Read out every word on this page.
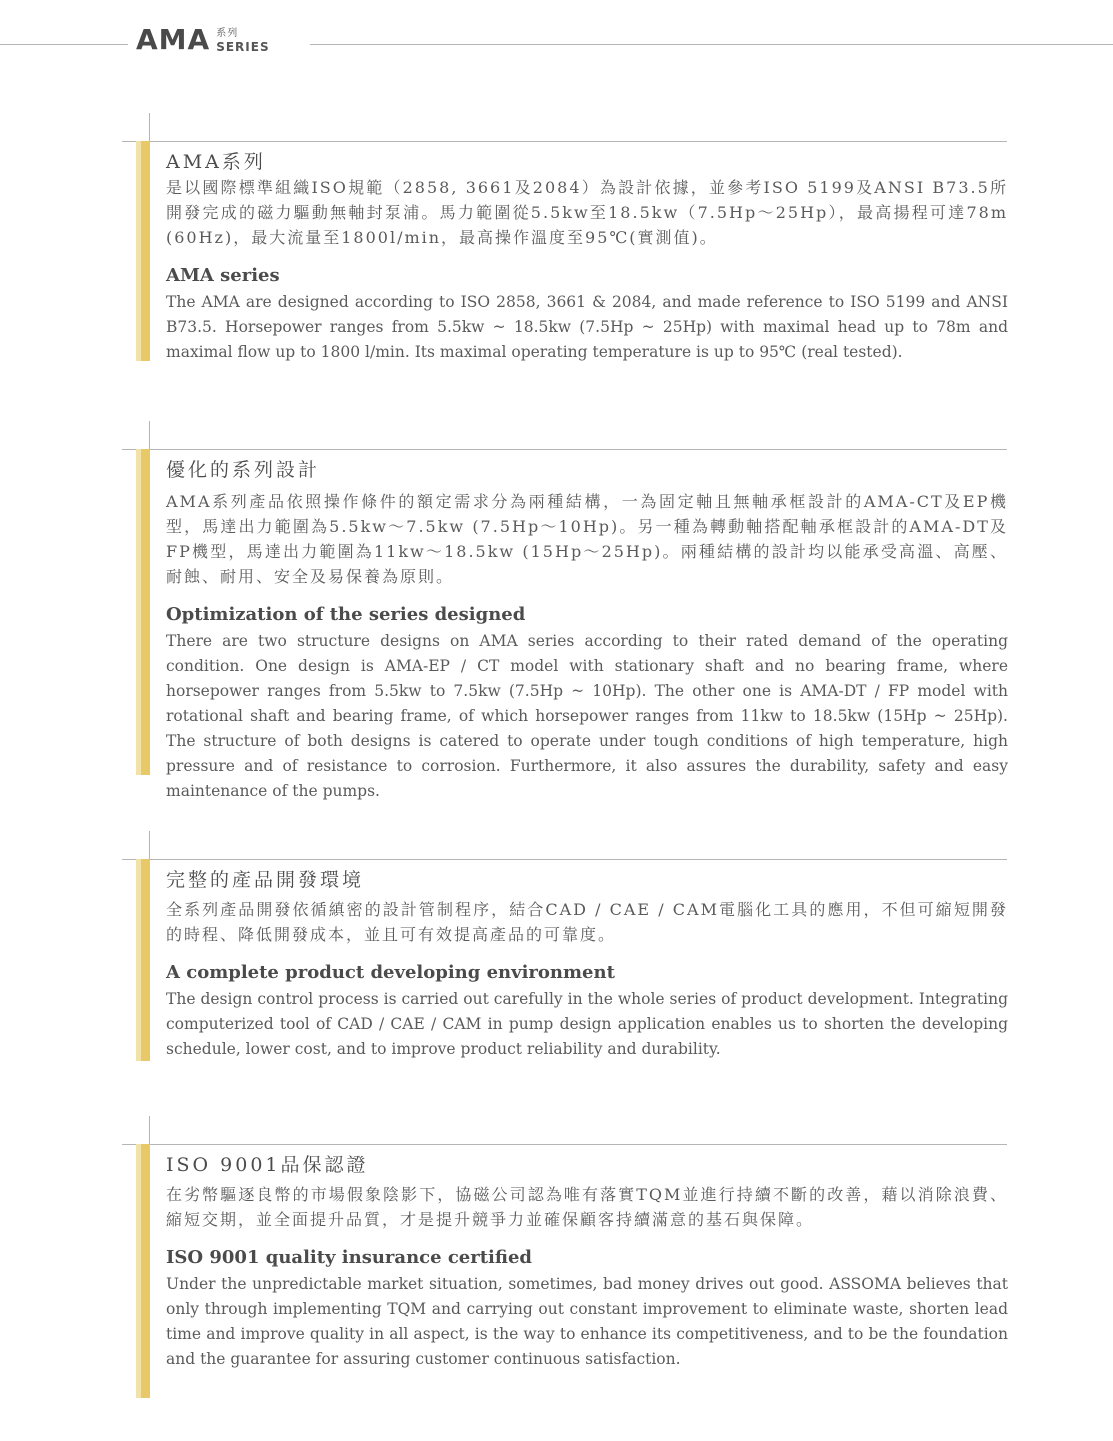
AMA 系列
SERIES
AMA系列

是以國際標準組織ISO規範（2858, 3661及2084）為設計依據，並參考ISO 5199及ANSI B73.5所開發完成的磁力驅動無軸封泵浦。馬力範圍從5.5kw至18.5kw（7.5Hp～25Hp），最高揚程可達78m (60Hz)，最大流量至1800l/min，最高操作溫度至95℃(實測值)。

AMA series

The AMA are designed according to ISO 2858, 3661 & 2084, and made reference to ISO 5199 and ANSI B73.5. Horsepower ranges from 5.5kw ~ 18.5kw (7.5Hp ~ 25Hp) with maximal head up to 78m and maximal flow up to 1800 l/min. Its maximal operating temperature is up to 95℃ (real tested).

優化的系列設計

AMA系列產品依照操作條件的額定需求分為兩種結構，一為固定軸且無軸承框設計的AMA-CT及EP機型，馬達出力範圍為5.5kw～7.5kw (7.5Hp～10Hp)。另一種為轉動軸搭配軸承框設計的AMA-DT及FP機型，馬達出力範圍為11kw～18.5kw (15Hp～25Hp)。兩種結構的設計均以能承受高溫、高壓、耐蝕、耐用、安全及易保養為原則。

Optimization of the series designed

There are two structure designs on AMA series according to their rated demand of the operating condition. One design is AMA-EP / CT model with stationary shaft and no bearing frame, where horsepower ranges from 5.5kw to 7.5kw (7.5Hp ~ 10Hp). The other one is AMA-DT / FP model with rotational shaft and bearing frame, of which horsepower ranges from 11kw to 18.5kw (15Hp ~ 25Hp). The structure of both designs is catered to operate under tough conditions of high temperature, high pressure and of resistance to corrosion. Furthermore, it also assures the durability, safety and easy maintenance of the pumps.

完整的產品開發環境

全系列產品開發依循縝密的設計管制程序，結合CAD / CAE / CAM電腦化工具的應用，不但可縮短開發的時程、降低開發成本，並且可有效提高產品的可靠度。

A complete product developing environment

The design control process is carried out carefully in the whole series of product development. Integrating computerized tool of CAD / CAE / CAM in pump design application enables us to shorten the developing schedule, lower cost, and to improve product reliability and durability.

ISO 9001品保認證

在劣幣驅逐良幣的市場假象陰影下，協磁公司認為唯有落實TQM並進行持續不斷的改善，藉以消除浪費、縮短交期，並全面提升品質，才是提升競爭力並確保顧客持續滿意的基石與保障。

ISO 9001 quality insurance certified

Under the unpredictable market situation, sometimes, bad money drives out good. ASSOMA believes that only through implementing TQM and carrying out constant improvement to eliminate waste, shorten lead time and improve quality in all aspect, is the way to enhance its competitiveness, and to be the foundation and the guarantee for assuring customer continuous satisfaction.
